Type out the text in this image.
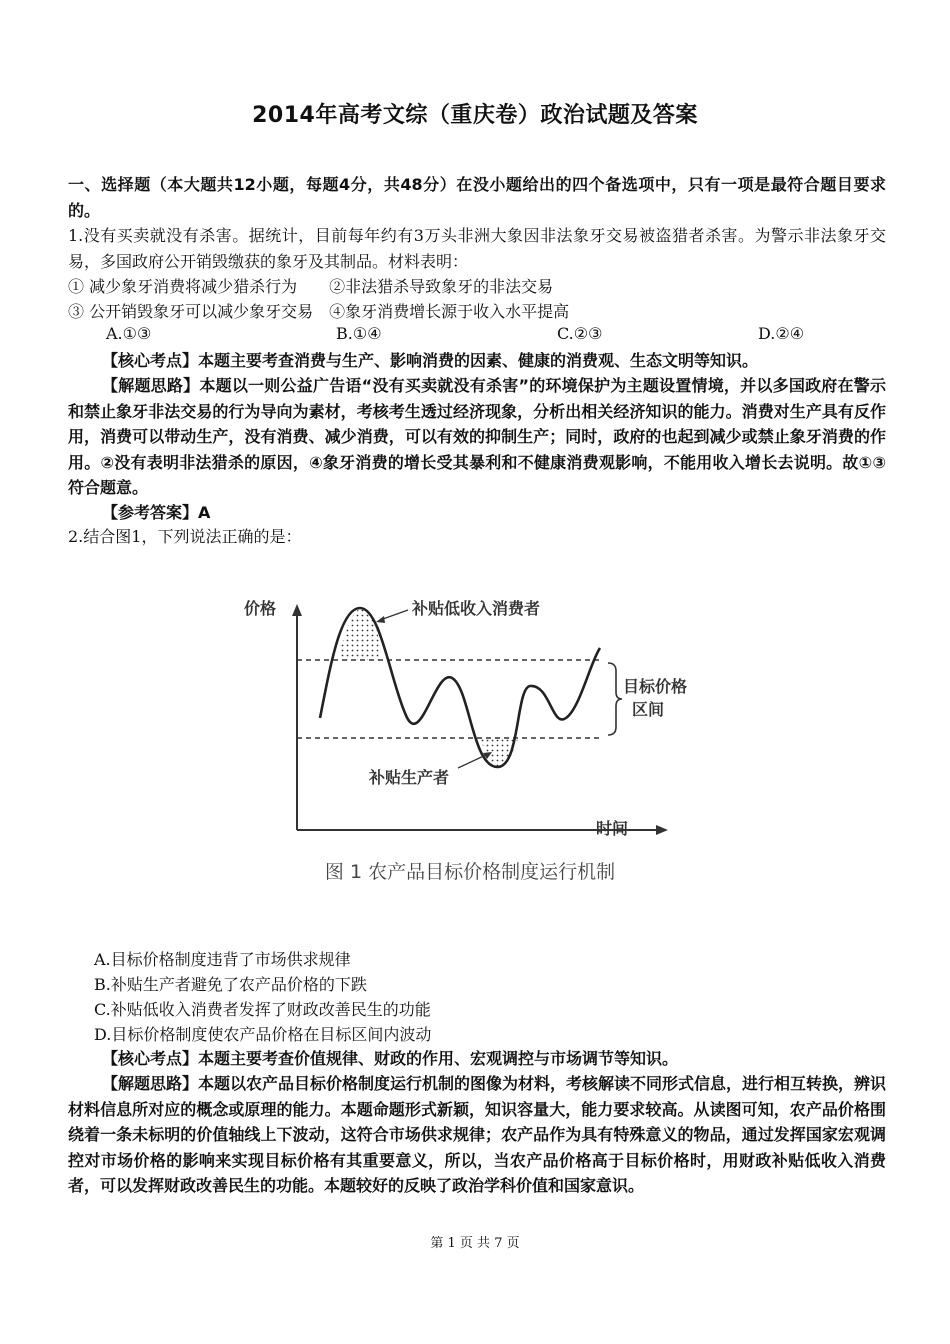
2014年高考文综（重庆卷）政治试题及答案
一、选择题（本大题共12小题，每题4分，共48分）在没小题给出的四个备选项中，只有一项是最符合题目要求的。
1.没有买卖就没有杀害。据统计，目前每年约有3万头非洲大象因非法象牙交易被盗猎者杀害。为警示非法象牙交易，多国政府公开销毁缴获的象牙及其制品。材料表明：
① 减少象牙消费将减少猎杀行为　　②非法猎杀导致象牙的非法交易
③ 公开销毁象牙可以减少象牙交易　④象牙消费增长源于收入水平提高
A.①③	B.①④	C.②③	D.②④
【核心考点】本题主要考查消费与生产、影响消费的因素、健康的消费观、生态文明等知识。
【解题思路】本题以一则公益广告语“没有买卖就没有杀害”的环境保护为主题设置情境，并以多国政府在警示和禁止象牙非法交易的行为导向为素材，考核考生透过经济现象，分析出相关经济知识的能力。消费对生产具有反作用，消费可以带动生产，没有消费、减少消费，可以有效的抑制生产；同时，政府的也起到减少或禁止象牙消费的作用。②没有表明非法猎杀的原因，④象牙消费的增长受其暴利和不健康消费观影响，不能用收入增长去说明。故①③符合题意。
【参考答案】A
2.结合图1，下列说法正确的是：
价格	补贴低收入消费者
目标价格
区间
补贴生产者
时间
图 1 农产品目标价格制度运行机制
A.目标价格制度违背了市场供求规律
B.补贴生产者避免了农产品价格的下跌
C.补贴低收入消费者发挥了财政改善民生的功能
D.目标价格制度使农产品价格在目标区间内波动
【核心考点】本题主要考查价值规律、财政的作用、宏观调控与市场调节等知识。
【解题思路】本题以农产品目标价格制度运行机制的图像为材料，考核解读不同形式信息，进行相互转换，辨识材料信息所对应的概念或原理的能力。本题命题形式新颖，知识容量大，能力要求较高。从读图可知，农产品价格围绕着一条未标明的价值轴线上下波动，这符合市场供求规律；农产品作为具有特殊意义的物品，通过发挥国家宏观调控对市场价格的影响来实现目标价格有其重要意义，所以，当农产品价格高于目标价格时，用财政补贴低收入消费者，可以发挥财政改善民生的功能。本题较好的反映了政治学科价值和国家意识。
第 1 页 共 7 页
